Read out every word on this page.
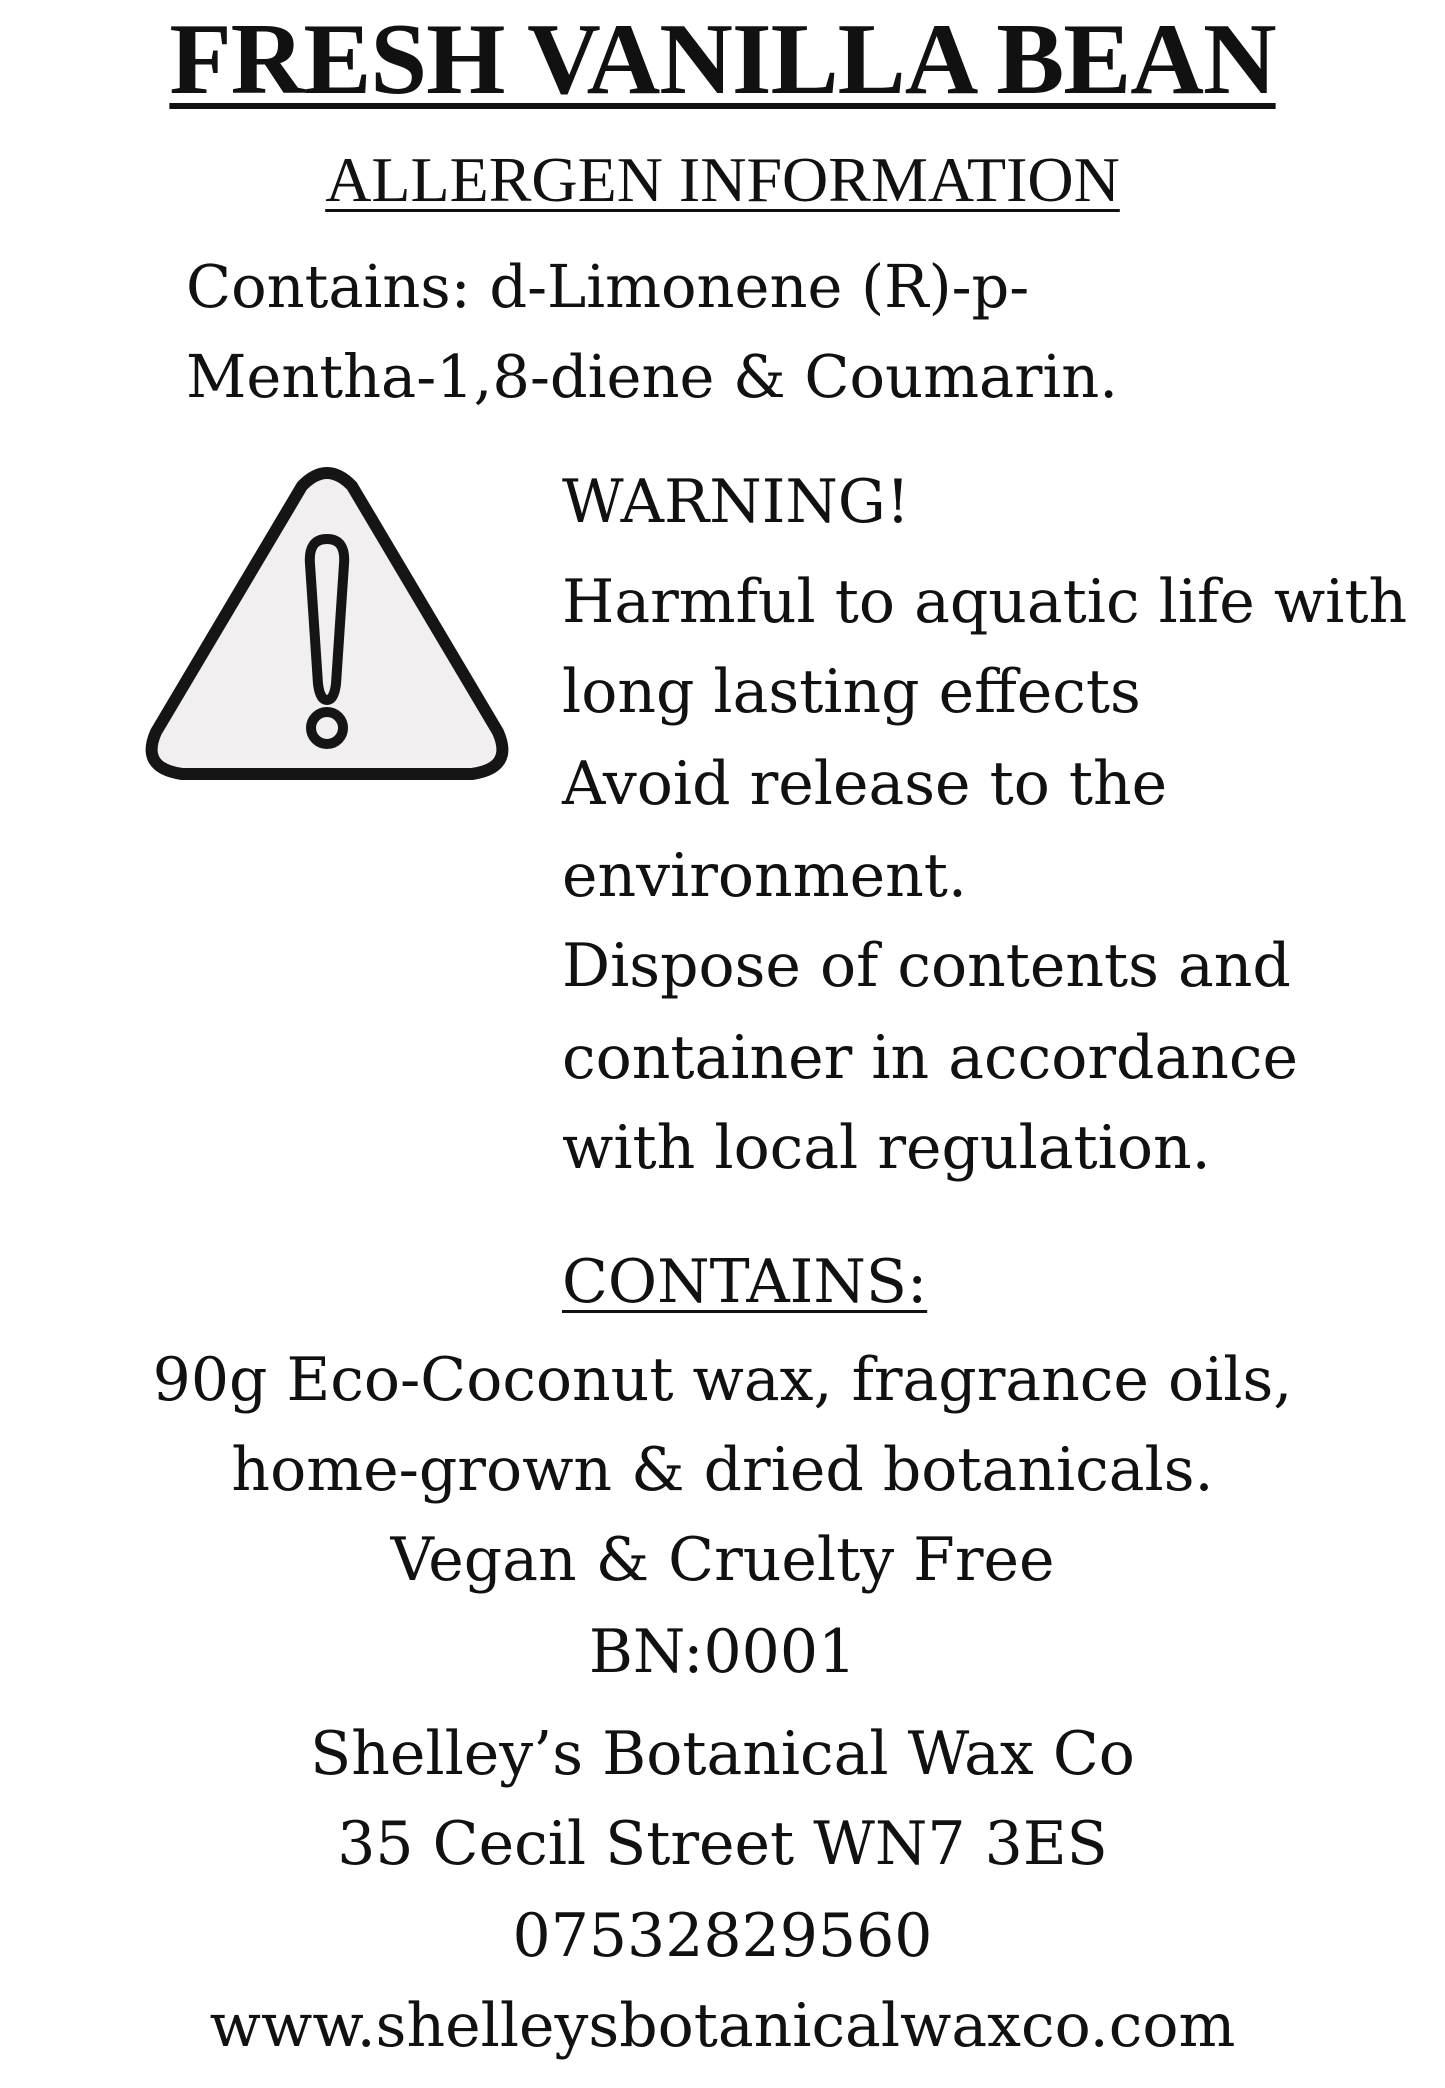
FRESH VANILLA BEAN
ALLERGEN INFORMATION
Contains: d-Limonene (R)-p-
Mentha-1,8-diene & Coumarin.
WARNING!
Harmful to aquatic life with
long lasting effects
Avoid release to the
environment.
Dispose of contents and
container in accordance
with local regulation.
CONTAINS:
90g Eco-Coconut wax, fragrance oils,
home-grown & dried botanicals.
Vegan & Cruelty Free
BN:0001
Shelley’s Botanical Wax Co
35 Cecil Street WN7 3ES
07532829560
www.shelleysbotanicalwaxco.com
